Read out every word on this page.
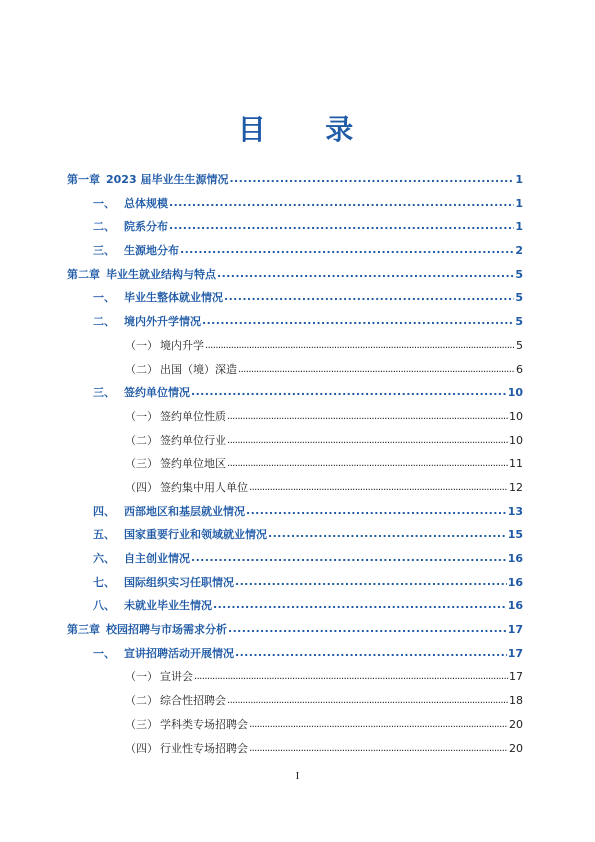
目  录
第一章 2023 届毕业生生源情况 .....	1
一、 总体规模 .....	1
二、 院系分布 .....	1
三、 生源地分布 .....	2
第二章 毕业生就业结构与特点 .....	5
一、 毕业生整体就业情况 .....	5
二、 境内外升学情况 .....	5
（一） 境内升学 .....	5
（二） 出国（境）深造 .....	6
三、 签约单位情况 .....	10
（一） 签约单位性质 .....	10
（二） 签约单位行业 .....	10
（三） 签约单位地区 .....	11
（四） 签约集中用人单位 .....	12
四、 西部地区和基层就业情况 .....	13
五、 国家重要行业和领域就业情况 .....	15
六、 自主创业情况 .....	16
七、 国际组织实习任职情况 .....	16
八、 未就业毕业生情况 .....	16
第三章 校园招聘与市场需求分析 .....	17
一、 宣讲招聘活动开展情况 .....	17
（一） 宣讲会 .....	17
（二） 综合性招聘会 .....	18
（三） 学科类专场招聘会 .....	20
（四） 行业性专场招聘会 .....	20
I
